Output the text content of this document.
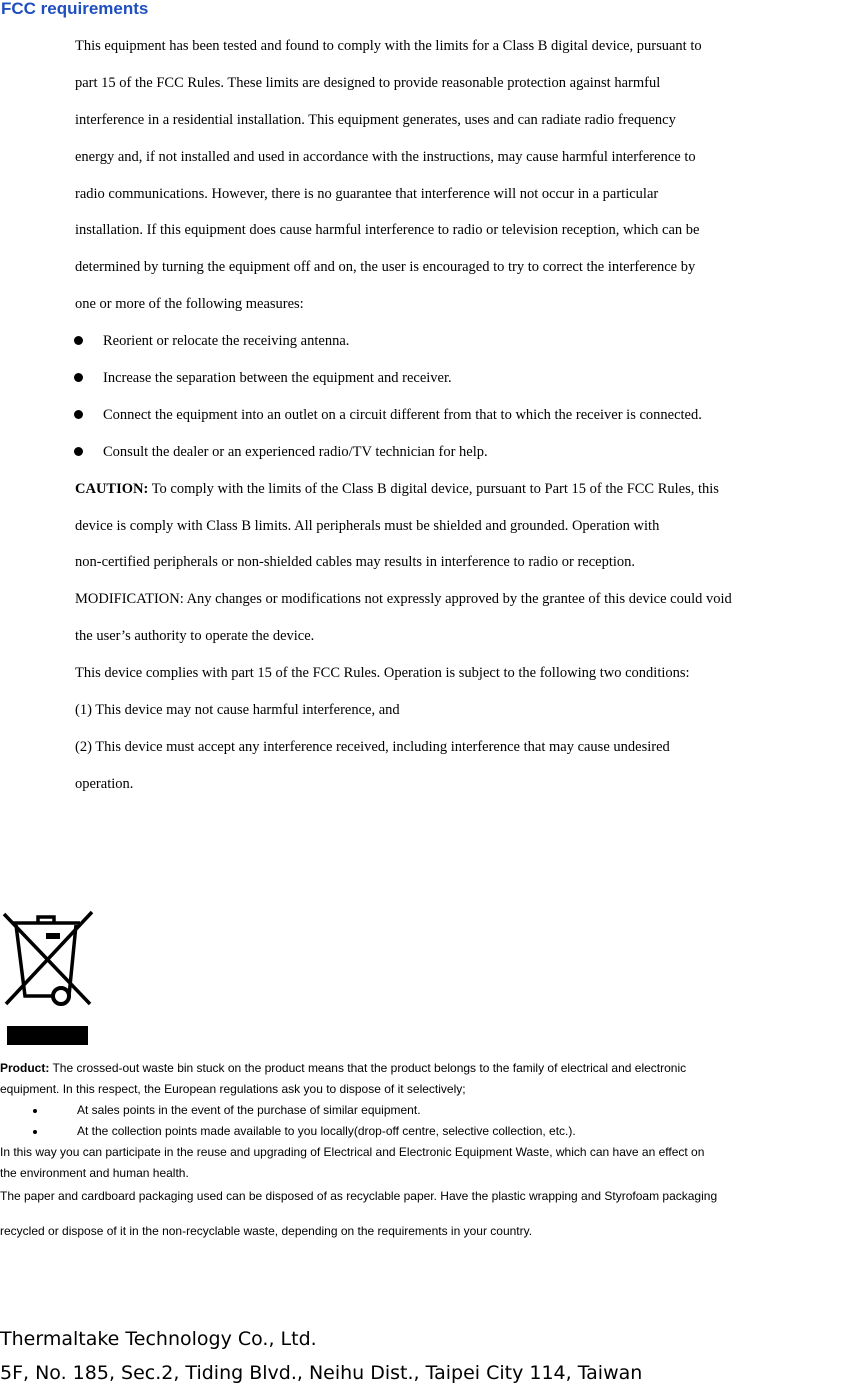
FCC requirements
This equipment has been tested and found to comply with the limits for a Class B digital device, pursuant to
part 15 of the FCC Rules. These limits are designed to provide reasonable protection against harmful
interference in a residential installation. This equipment generates, uses and can radiate radio frequency
energy and, if not installed and used in accordance with the instructions, may cause harmful interference to
radio communications. However, there is no guarantee that interference will not occur in a particular
installation. If this equipment does cause harmful interference to radio or television reception, which can be
determined by turning the equipment off and on, the user is encouraged to try to correct the interference by
one or more of the following measures:
Reorient or relocate the receiving antenna.
Increase the separation between the equipment and receiver.
Connect the equipment into an outlet on a circuit different from that to which the receiver is connected.
Consult the dealer or an experienced radio/TV technician for help.
CAUTION: To comply with the limits of the Class B digital device, pursuant to Part 15 of the FCC Rules, this
device is comply with Class B limits. All peripherals must be shielded and grounded. Operation with
non-certified peripherals or non-shielded cables may results in interference to radio or reception.
MODIFICATION: Any changes or modifications not expressly approved by the grantee of this device could void
the user’s authority to operate the device.
This device complies with part 15 of the FCC Rules. Operation is subject to the following two conditions:
(1) This device may not cause harmful interference, and
(2) This device must accept any interference received, including interference that may cause undesired
operation.
Product: The crossed-out waste bin stuck on the product means that the product belongs to the family of electrical and electronic
equipment. In this respect, the European regulations ask you to dispose of it selectively;
At sales points in the event of the purchase of similar equipment.
At the collection points made available to you locally(drop-off centre, selective collection, etc.).
In this way you can participate in the reuse and upgrading of Electrical and Electronic Equipment Waste, which can have an effect on
the environment and human health.
The paper and cardboard packaging used can be disposed of as recyclable paper. Have the plastic wrapping and Styrofoam packaging
recycled or dispose of it in the non-recyclable waste, depending on the requirements in your country.
Thermaltake Technology Co., Ltd.
5F, No. 185, Sec.2, Tiding Blvd., Neihu Dist., Taipei City 114, Taiwan
